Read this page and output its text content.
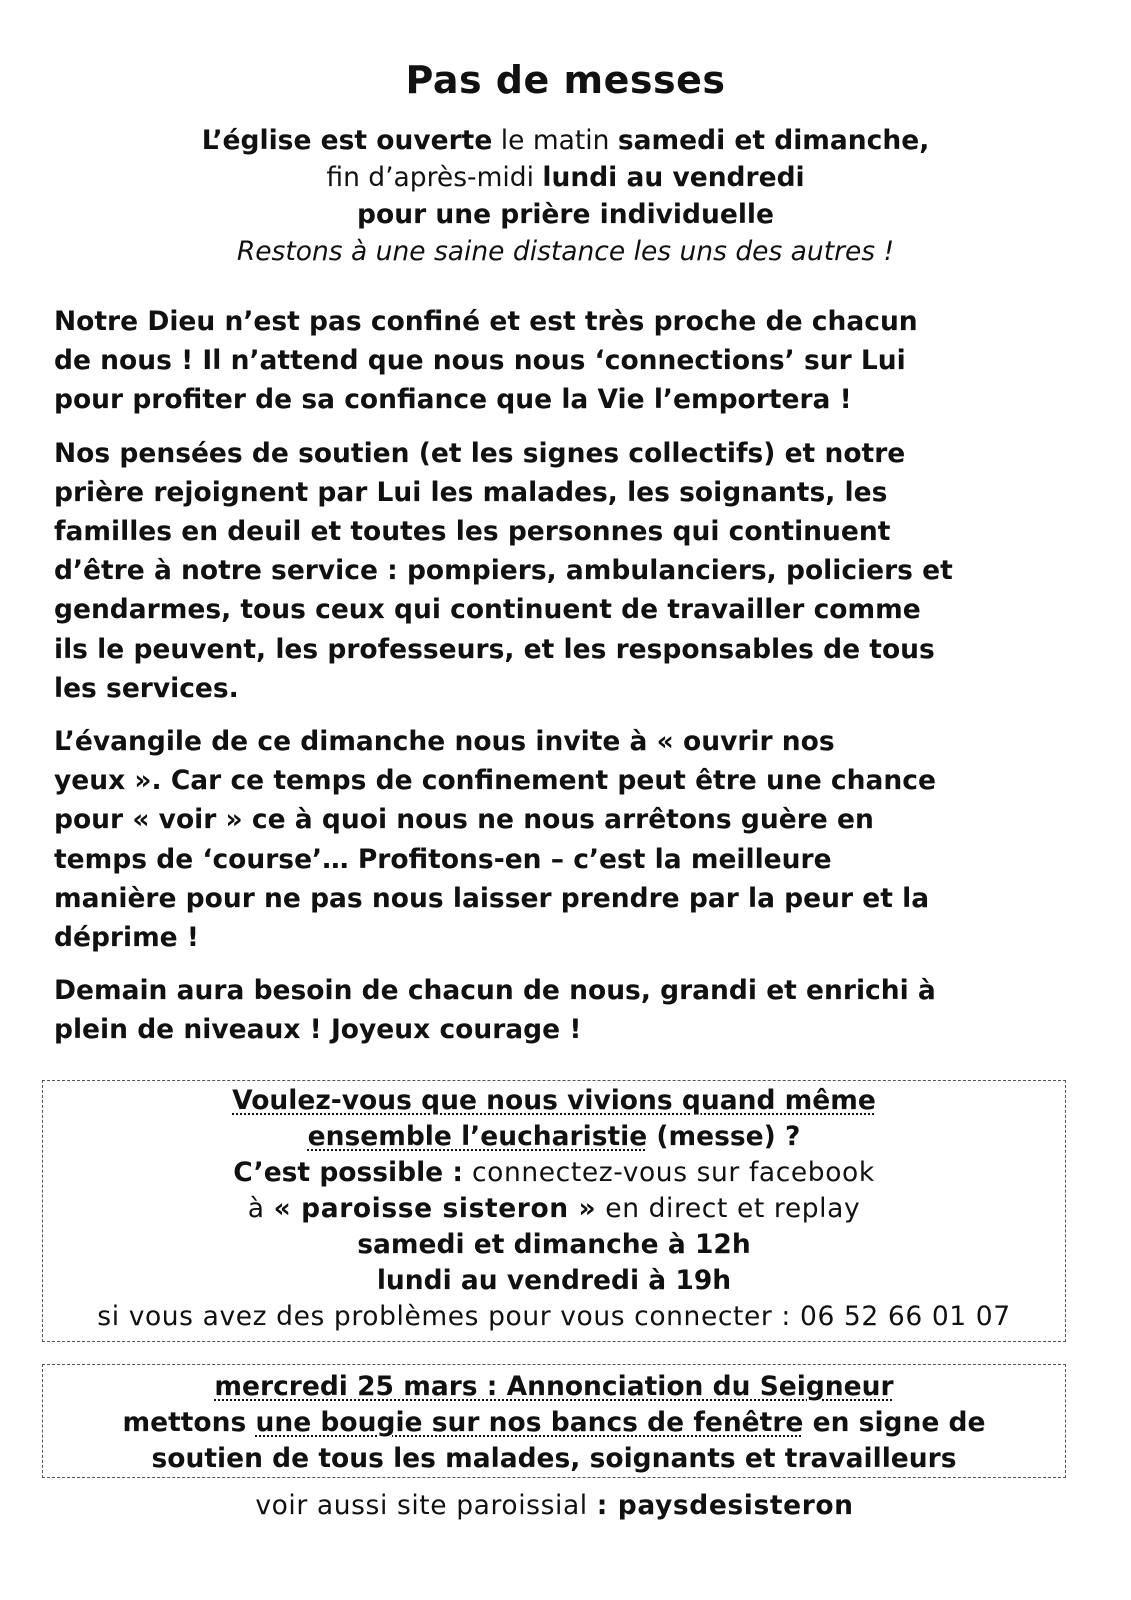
Pas de messes
L’église est ouverte le matin samedi et dimanche,
fin d’après-midi lundi au vendredi
pour une prière individuelle
Restons à une saine distance les uns des autres !

Notre Dieu n’est pas confiné et est très proche de chacun
de nous ! Il n’attend que nous nous ‘connections’ sur Lui
pour profiter de sa confiance que la Vie l’emportera !

Nos pensées de soutien (et les signes collectifs) et notre
prière rejoignent par Lui les malades, les soignants, les
familles en deuil et toutes les personnes qui continuent
d’être à notre service : pompiers, ambulanciers, policiers et
gendarmes, tous ceux qui continuent de travailler comme
ils le peuvent, les professeurs, et les responsables de tous
les services.

L’évangile de ce dimanche nous invite à « ouvrir nos
yeux ». Car ce temps de confinement peut être une chance
pour « voir » ce à quoi nous ne nous arrêtons guère en
temps de ‘course’… Profitons-en – c’est la meilleure
manière pour ne pas nous laisser prendre par la peur et la
déprime !

Demain aura besoin de chacun de nous, grandi et enrichi à
plein de niveaux ! Joyeux courage !

Voulez-vous que nous vivions quand même
ensemble l’eucharistie (messe) ?
C’est possible : connectez-vous sur facebook
à « paroisse sisteron » en direct et replay
samedi et dimanche à 12h
lundi au vendredi à 19h
si vous avez des problèmes pour vous connecter : 06 52 66 01 07
mercredi 25 mars : Annonciation du Seigneur
mettons une bougie sur nos bancs de fenêtre en signe de
soutien de tous les malades, soignants et travailleurs
voir aussi site paroissial : paysdesisteron
